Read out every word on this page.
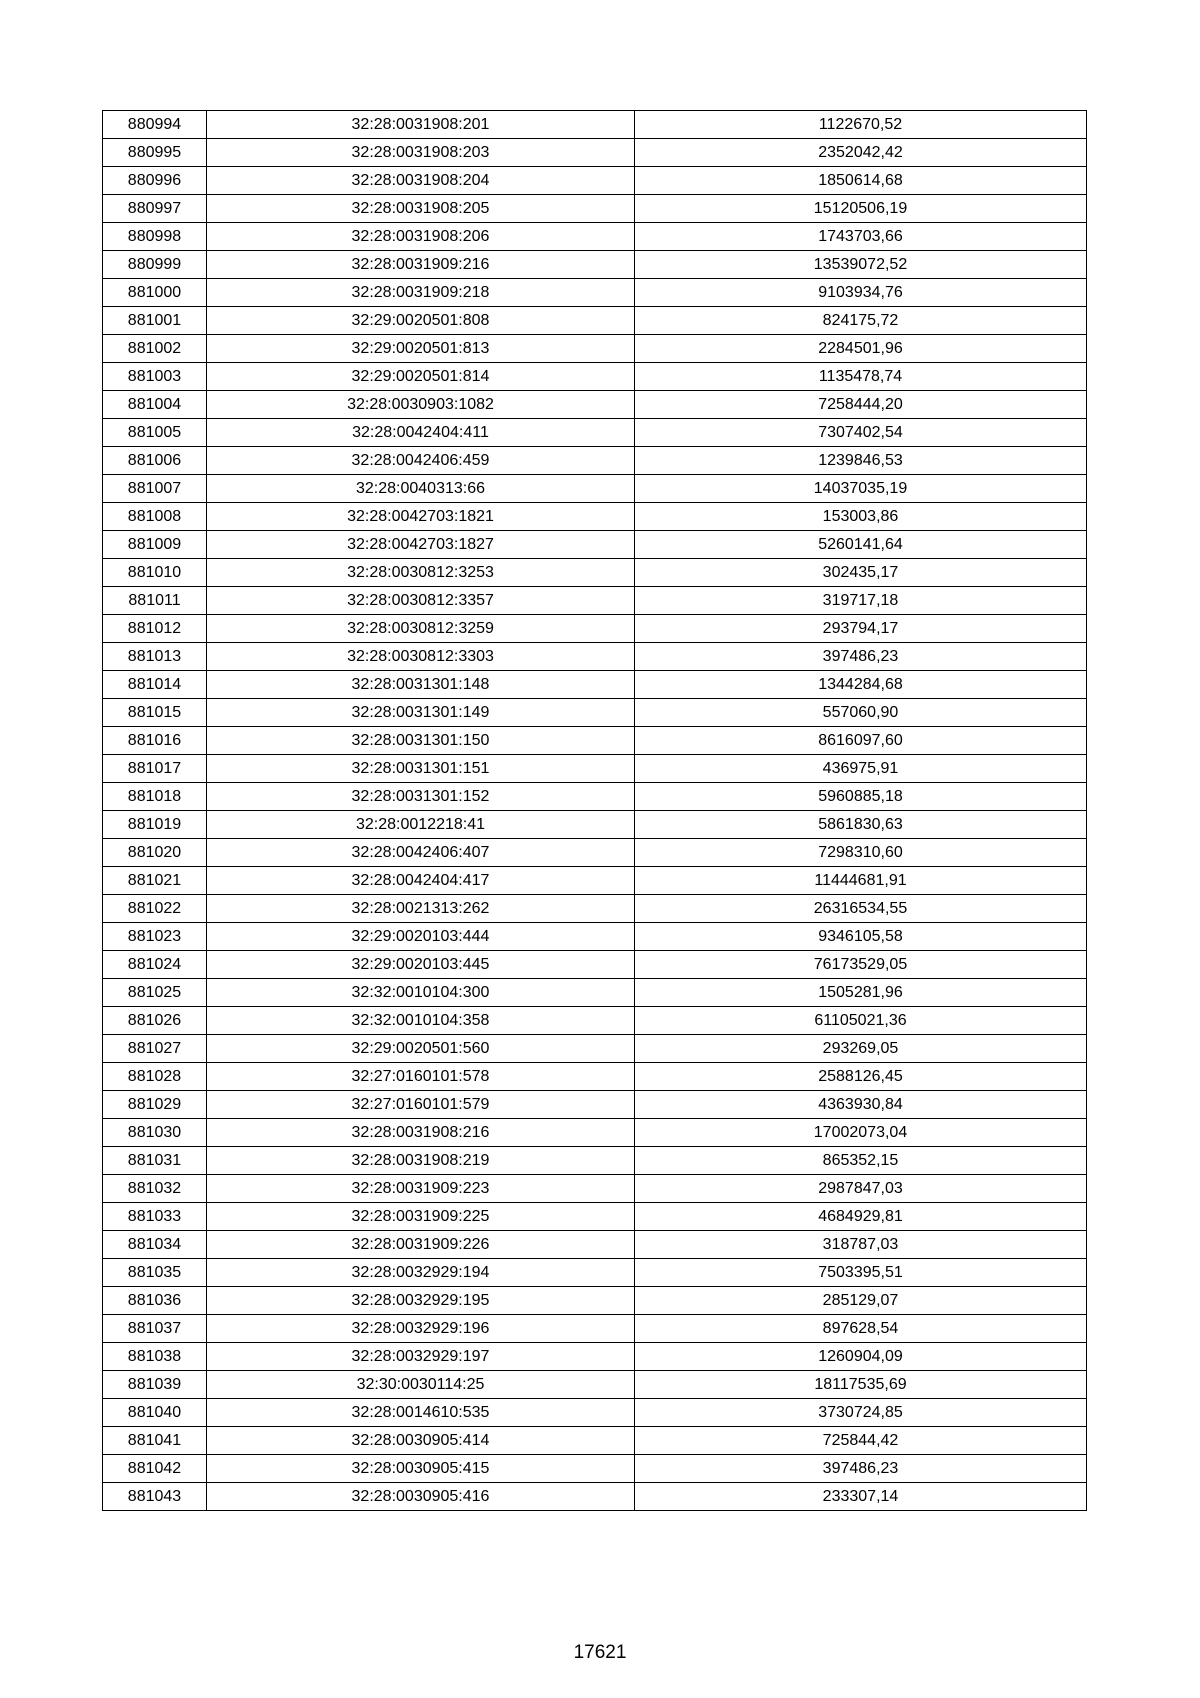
880994	32:28:0031908:201	1122670,52
880995	32:28:0031908:203	2352042,42
880996	32:28:0031908:204	1850614,68
880997	32:28:0031908:205	15120506,19
880998	32:28:0031908:206	1743703,66
880999	32:28:0031909:216	13539072,52
881000	32:28:0031909:218	9103934,76
881001	32:29:0020501:808	824175,72
881002	32:29:0020501:813	2284501,96
881003	32:29:0020501:814	1135478,74
881004	32:28:0030903:1082	7258444,20
881005	32:28:0042404:411	7307402,54
881006	32:28:0042406:459	1239846,53
881007	32:28:0040313:66	14037035,19
881008	32:28:0042703:1821	153003,86
881009	32:28:0042703:1827	5260141,64
881010	32:28:0030812:3253	302435,17
881011	32:28:0030812:3357	319717,18
881012	32:28:0030812:3259	293794,17
881013	32:28:0030812:3303	397486,23
881014	32:28:0031301:148	1344284,68
881015	32:28:0031301:149	557060,90
881016	32:28:0031301:150	8616097,60
881017	32:28:0031301:151	436975,91
881018	32:28:0031301:152	5960885,18
881019	32:28:0012218:41	5861830,63
881020	32:28:0042406:407	7298310,60
881021	32:28:0042404:417	11444681,91
881022	32:28:0021313:262	26316534,55
881023	32:29:0020103:444	9346105,58
881024	32:29:0020103:445	76173529,05
881025	32:32:0010104:300	1505281,96
881026	32:32:0010104:358	61105021,36
881027	32:29:0020501:560	293269,05
881028	32:27:0160101:578	2588126,45
881029	32:27:0160101:579	4363930,84
881030	32:28:0031908:216	17002073,04
881031	32:28:0031908:219	865352,15
881032	32:28:0031909:223	2987847,03
881033	32:28:0031909:225	4684929,81
881034	32:28:0031909:226	318787,03
881035	32:28:0032929:194	7503395,51
881036	32:28:0032929:195	285129,07
881037	32:28:0032929:196	897628,54
881038	32:28:0032929:197	1260904,09
881039	32:30:0030114:25	18117535,69
881040	32:28:0014610:535	3730724,85
881041	32:28:0030905:414	725844,42
881042	32:28:0030905:415	397486,23
881043	32:28:0030905:416	233307,14
17621
